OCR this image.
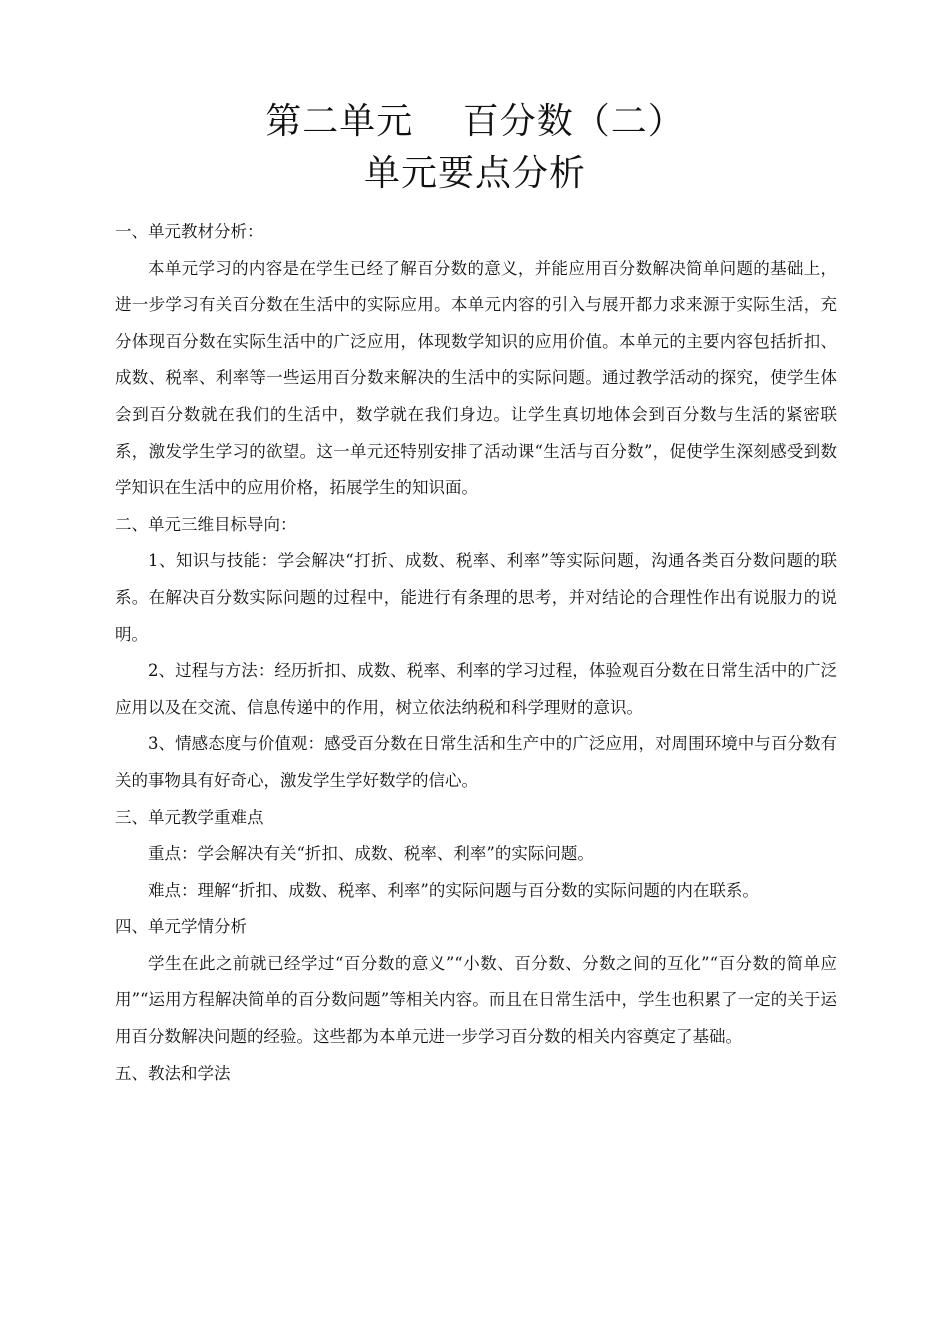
第二单元　 百分数（二）
单元要点分析

一、单元教材分析：

本单元学习的内容是在学生已经了解百分数的意义，并能应用百分数解决简单问题的基础上，进一步学习有关百分数在生活中的实际应用。本单元内容的引入与展开都力求来源于实际生活，充分体现百分数在实际生活中的广泛应用，体现数学知识的应用价值。本单元的主要内容包括折扣、成数、税率、利率等一些运用百分数来解决的生活中的实际问题。通过教学活动的探究，使学生体会到百分数就在我们的生活中，数学就在我们身边。让学生真切地体会到百分数与生活的紧密联系，激发学生学习的欲望。这一单元还特别安排了活动课“生活与百分数”，促使学生深刻感受到数学知识在生活中的应用价格，拓展学生的知识面。

二、单元三维目标导向：

1、知识与技能：学会解决“打折、成数、税率、利率”等实际问题，沟通各类百分数问题的联系。在解决百分数实际问题的过程中，能进行有条理的思考，并对结论的合理性作出有说服力的说明。

2、过程与方法：经历折扣、成数、税率、利率的学习过程，体验观百分数在日常生活中的广泛应用以及在交流、信息传递中的作用，树立依法纳税和科学理财的意识。

3、情感态度与价值观：感受百分数在日常生活和生产中的广泛应用，对周围环境中与百分数有关的事物具有好奇心，激发学生学好数学的信心。

三、单元教学重难点

重点：学会解决有关“折扣、成数、税率、利率”的实际问题。

难点：理解“折扣、成数、税率、利率”的实际问题与百分数的实际问题的内在联系。

四、单元学情分析

学生在此之前就已经学过“百分数的意义”“小数、百分数、分数之间的互化”“百分数的简单应用”“运用方程解决简单的百分数问题”等相关内容。而且在日常生活中，学生也积累了一定的关于运用百分数解决问题的经验。这些都为本单元进一步学习百分数的相关内容奠定了基础。

五、教法和学法
